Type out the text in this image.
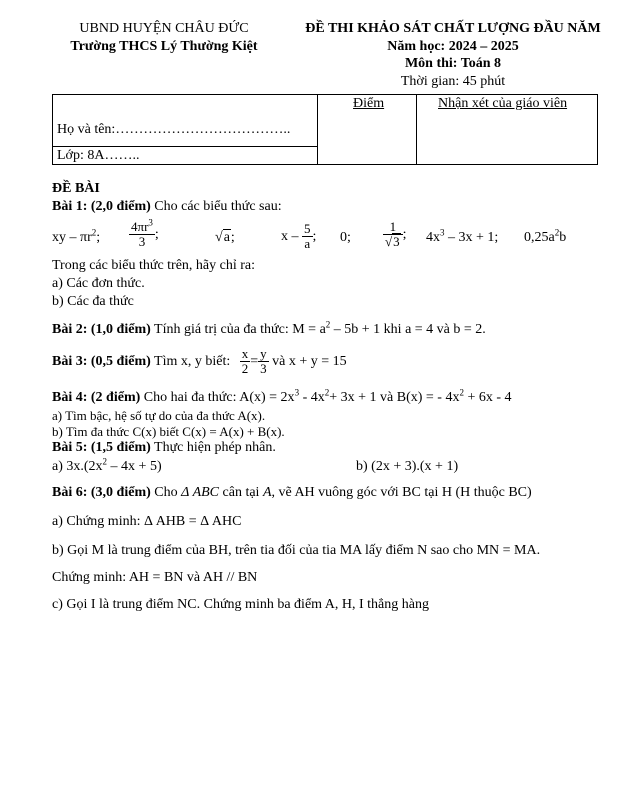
UBND HUYỆN CHÂU ĐỨC
Trường THCS Lý Thường Kiệt
ĐỀ THI KHẢO SÁT CHẤT LƯỢNG ĐẦU NĂM
Năm học: 2024 – 2025
Môn thi: Toán 8
Thời gian: 45 phút
Điểm	Nhận xét của giáo viên
Họ và tên:………………………………..
Lớp: 8A……..
ĐỀ BÀI
Bài 1: (2,0 điểm) Cho các biểu thức sau:
xy – $\pi r^2$; $\frac{4\pi r^3}{3}$ ;	√a;	x – $\frac{5}{a}$ ; 0; $\frac{1}{√3}$ ; $4x^3 - 3x + 1$; $0,25a^2b$
Trong các biểu thức trên, hãy chỉ ra:
a) Các đơn thức.
b) Các đa thức
Bài 2: (1,0 điểm) Tính giá trị của đa thức: $M = a^2 - 5b + 1$ khi a = 4 và b = 2.
Bài 3: (0,5 điểm) Tìm x, y biết: $\frac{x}{2} = \frac{y}{3}$ và x + y = 15
Bài 4: (2 điểm) Cho hai đa thức: $A(x) = 2x^3 - 4x^2+ 3x + 1$ và B(x) = - $4x^2 + 6x - 4$
a) Tìm bậc, hệ số tự do của đa thức A(x).
b) Tìm đa thức C(x) biết C(x) = A(x) + B(x).
Bài 5: (1,5 điểm) Thực hiện phép nhân.
a) $3x.(2x^2 - 4x + 5)$	b) (2x + 3).(x + 1)
Bài 6: (3,0 điểm) Cho Δ ABC cân tại A, vẽ AH vuông góc với BC tại H (H thuộc BC)
a) Chứng minh: Δ AHB = Δ AHC
b) Gọi M là trung điểm của BH, trên tia đối của tia MA lấy điểm N sao cho MN = MA.
Chứng minh: AH = BN và AH // BN
c) Gọi I là trung điểm NC. Chứng minh ba điểm A, H, I thẳng hàng
